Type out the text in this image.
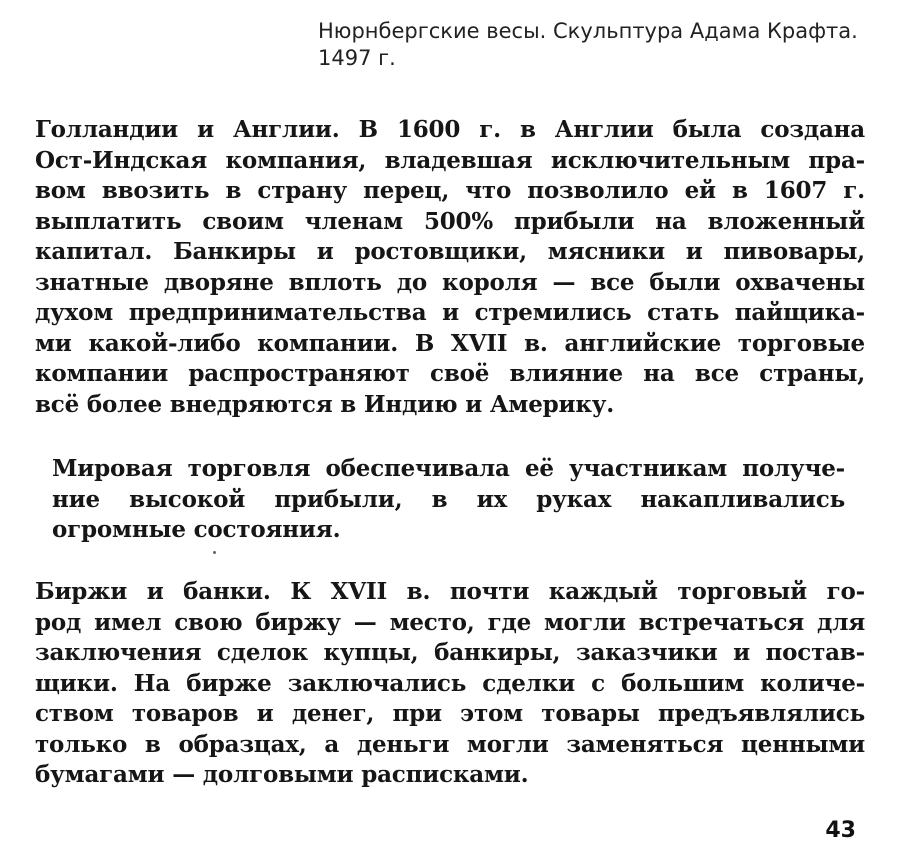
Нюрнбергские весы. Скульптура Адама Крафта.
1497 г.
Голландии и Англии. В 1600 г. в Англии была создана
Ост-Индская компания, владевшая исключительным пра-
вом ввозить в страну перец, что позволило ей в 1607 г.
выплатить своим членам 500% прибыли на вложенный
капитал. Банкиры и ростовщики, мясники и пивовары,
знатные дворяне вплоть до короля — все были охвачены
духом предпринимательства и стремились стать пайщика-
ми какой-либо компании. В XVII в. английские торговые
компании распространяют своё влияние на все страны,
всё более внедряются в Индию и Америку.
Мировая торговля обеспечивала её участникам получе-
ние высокой прибыли, в их руках накапливались
огромные состояния.
Биржи и банки. К XVII в. почти каждый торговый го-
род имел свою биржу — место, где могли встречаться для
заключения сделок купцы, банкиры, заказчики и постав-
щики. На бирже заключались сделки с большим количе-
ством товаров и денег, при этом товары предъявлялись
только в образцах, а деньги могли заменяться ценными
бумагами — долговыми расписками.
43
